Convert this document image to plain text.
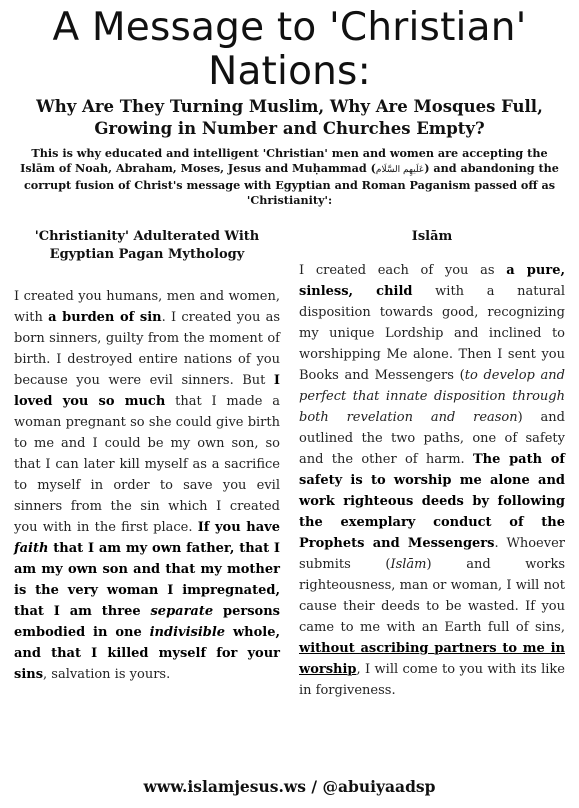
A Message to 'Christian'
Nations:

Why Are They Turning Muslim, Why Are Mosques Full, Growing in Number and Churches Empty?

This is why educated and intelligent 'Christian' men and women are accepting the Islām of Noah, Abraham, Moses, Jesus and Muḥammad (عَلَيهِم السَّلَام) and abandoning the corrupt fusion of Christ's message with Egyptian and Roman Paganism passed off as 'Christianity':

'Christianity' Adulterated With Egyptian Pagan Mythology

I created you humans, men and women, with a burden of sin. I created you as born sinners, guilty from the moment of birth. I destroyed entire nations of you because you were evil sinners. But I loved you so much that I made a woman pregnant so she could give birth to me and I could be my own son, so that I can later kill myself as a sacrifice to myself in order to save you evil sinners from the sin which I created you with in the first place. If you have faith that I am my own father, that I am my own son and that my mother is the very woman I impregnated, that I am three separate persons embodied in one indivisible whole, and that I killed myself for your sins, salvation is yours.

Islām

I created each of you as a pure, sinless, child with a natural disposition towards good, recognizing my unique Lordship and inclined to worshipping Me alone. Then I sent you Books and Messengers (to develop and perfect that innate disposition through both revelation and reason) and outlined the two paths, one of safety and the other of harm. The path of safety is to worship me alone and work righteous deeds by following the exemplary conduct of the Prophets and Messengers. Whoever submits (Islām) and works righteousness, man or woman, I will not cause their deeds to be wasted. If you came to me with an Earth full of sins, without ascribing partners to me in worship, I will come to you with its like in forgiveness.

www.islamjesus.ws / @abuiyaadsp
